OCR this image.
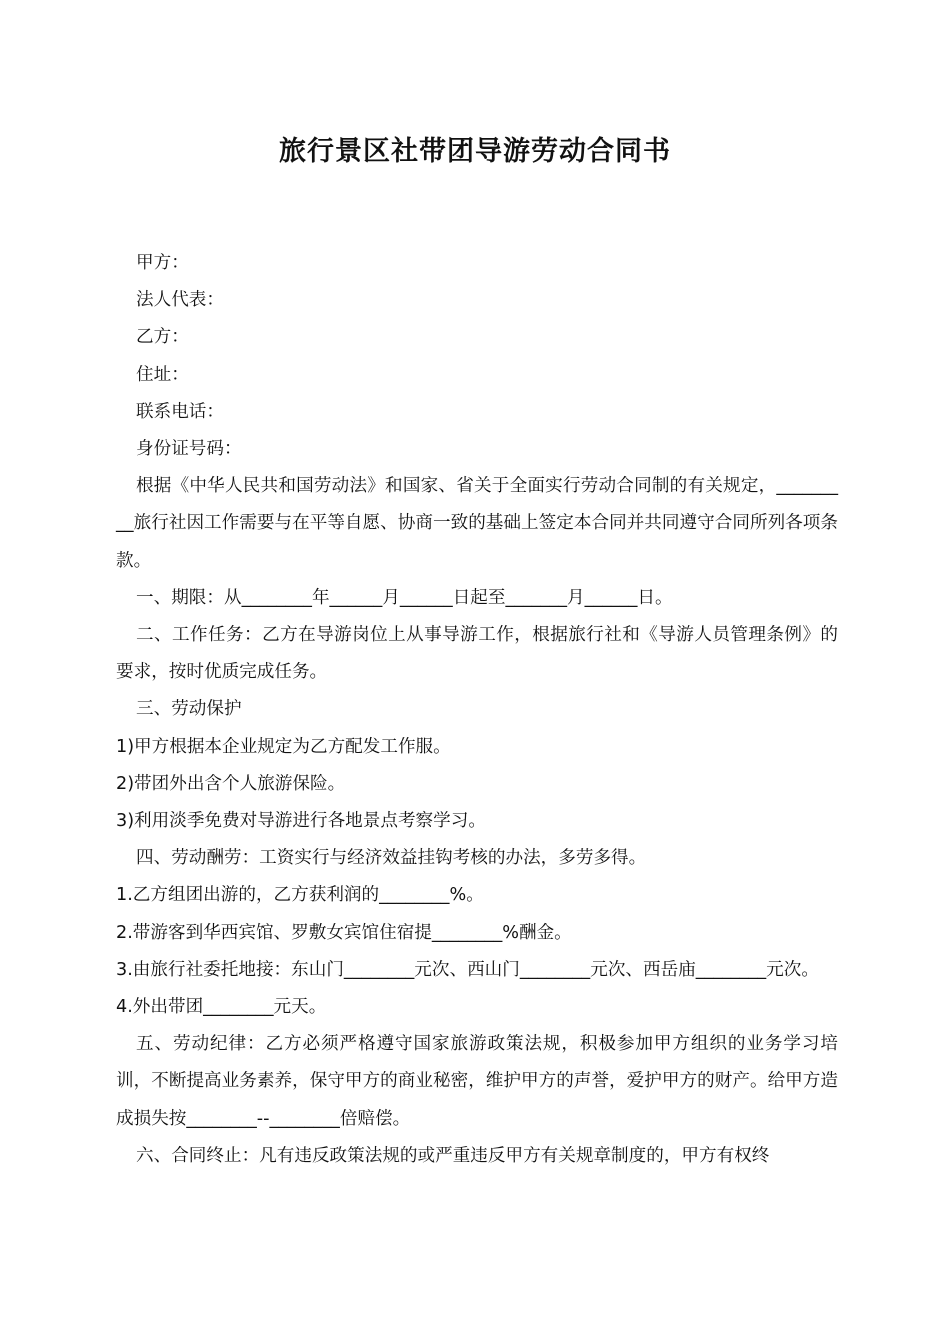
旅行景区社带团导游劳动合同书

甲方：

法人代表：

乙方：

住址：

联系电话：

身份证号码：

根据《中华人民共和国劳动法》和国家、省关于全面实行劳动合同制的有关规定，_________旅行社因工作需要与在平等自愿、协商一致的基础上签定本合同并共同遵守合同所列各项条款。

一、期限：从________年______月______日起至_______月______日。

二、工作任务：乙方在导游岗位上从事导游工作，根据旅行社和《导游人员管理条例》的要求，按时优质完成任务。

三、劳动保护

1)甲方根据本企业规定为乙方配发工作服。

2)带团外出含个人旅游保险。

3)利用淡季免费对导游进行各地景点考察学习。

四、劳动酬劳：工资实行与经济效益挂钩考核的办法，多劳多得。

1.乙方组团出游的，乙方获利润的________%。

2.带游客到华西宾馆、罗敷女宾馆住宿提________%酬金。

3.由旅行社委托地接：东山门________元次、西山门________元次、西岳庙________元次。

4.外出带团________元天。

五、劳动纪律：乙方必须严格遵守国家旅游政策法规，积极参加甲方组织的业务学习培训，不断提高业务素养，保守甲方的商业秘密，维护甲方的声誉，爱护甲方的财产。给甲方造成损失按________--________倍赔偿。

六、合同终止：凡有违反政策法规的或严重违反甲方有关规章制度的，甲方有权终
